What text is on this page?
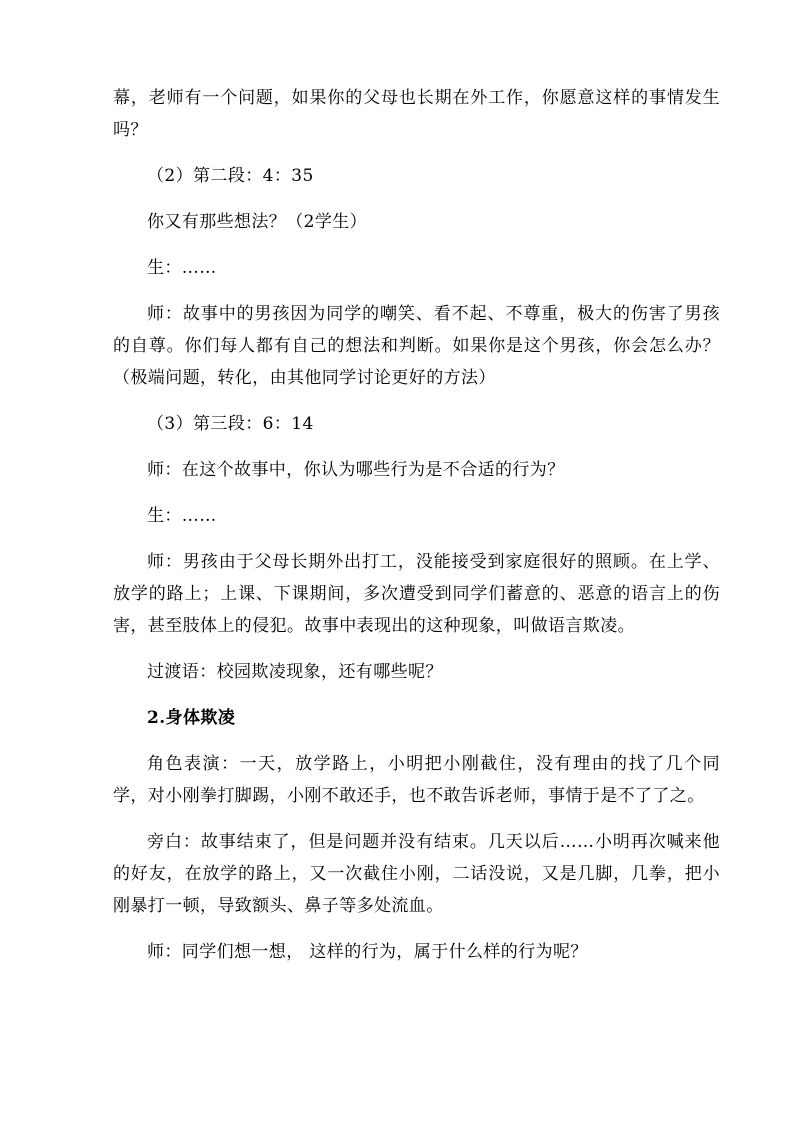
幕，老师有一个问题，如果你的父母也长期在外工作，你愿意这样的事情发生吗？

（2）第二段：4：35

你又有那些想法？（2学生）

生：……

师：故事中的男孩因为同学的嘲笑、看不起、不尊重，极大的伤害了男孩的自尊。你们每人都有自己的想法和判断。如果你是这个男孩，你会怎么办？（极端问题，转化，由其他同学讨论更好的方法）

（3）第三段：6：14

师：在这个故事中，你认为哪些行为是不合适的行为？

生：……

师：男孩由于父母长期外出打工，没能接受到家庭很好的照顾。在上学、放学的路上；上课、下课期间，多次遭受到同学们蓄意的、恶意的语言上的伤害，甚至肢体上的侵犯。故事中表现出的这种现象，叫做语言欺凌。

过渡语：校园欺凌现象，还有哪些呢？

2.身体欺凌

角色表演：一天，放学路上，小明把小刚截住，没有理由的找了几个同学，对小刚拳打脚踢，小刚不敢还手，也不敢告诉老师，事情于是不了了之。

旁白：故事结束了，但是问题并没有结束。几天以后……小明再次喊来他的好友，在放学的路上，又一次截住小刚，二话没说，又是几脚，几拳，把小刚暴打一顿，导致额头、鼻子等多处流血。

师：同学们想一想， 这样的行为，属于什么样的行为呢？
